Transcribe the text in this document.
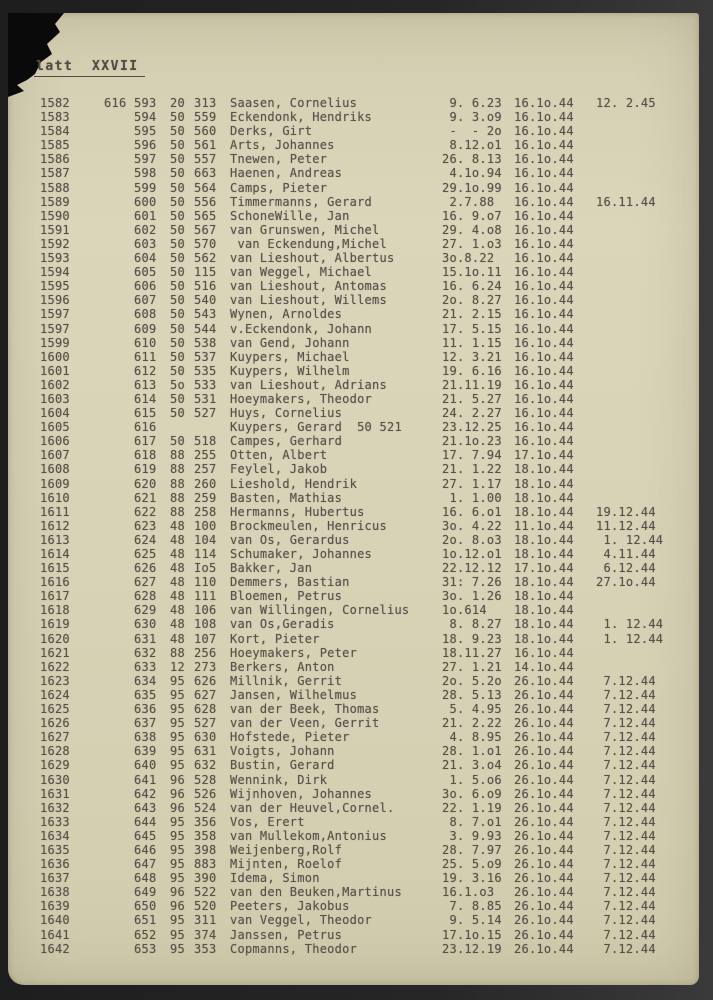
latt  XXVII
1582	616	593	20	313	Saasen, Cornelius	9. 6.23	16.1o.44	12. 2.45
1583		594	50	559	Eckendonk, Hendriks	9. 3.o9	16.1o.44	
1584		595	50	560	Derks, Girt	-  - 2o	16.1o.44	
1585		596	50	561	Arts, Johannes	8.12.o1	16.1o.44	
1586		597	50	557	Tnewen, Peter	26. 8.13	16.1o.44	
1587		598	50	663	Haenen, Andreas	4.1o.94	16.1o.44	
1588		599	50	564	Camps, Pieter	29.1o.99	16.1o.44	
1589		600	50	556	Timmermanns, Gerard	2.7.88	16.1o.44	16.11.44
1590		601	50	565	SchoneWille, Jan	16. 9.o7	16.1o.44	
1591		602	50	567	van Grunswen, Michel	29. 4.o8	16.1o.44	
1592		603	50	570	van Eckendung,Michel	27. 1.o3	16.1o.44	
1593		604	50	562	van Lieshout, Albertus	3o.8.22	16.1o.44	
1594		605	50	115	van Weggel, Michael	15.1o.11	16.1o.44	
1595		606	50	516	van Lieshout, Antomas	16. 6.24	16.1o.44	
1596		607	50	540	van Lieshout, Willems	2o. 8.27	16.1o.44	
1597		608	50	543	Wynen, Arnoldes	21. 2.15	16.1o.44	
1597		609	50	544	v.Eckendonk, Johann	17. 5.15	16.1o.44	
1599		610	50	538	van Gend, Johann	11. 1.15	16.1o.44	
1600		611	50	537	Kuypers, Michael	12. 3.21	16.1o.44	
1601		612	50	535	Kuypers, Wilhelm	19. 6.16	16.1o.44	
1602		613	5o	533	van Lieshout, Adrians	21.11.19	16.1o.44	
1603		614	50	531	Hoeymakers, Theodor	21. 5.27	16.1o.44	
1604		615	50	527	Huys, Cornelius	24. 2.27	16.1o.44	
1605		616			Kuypers, Gerard  50 521	23.12.25	16.1o.44	
1606		617	50	518	Campes, Gerhard	21.1o.23	16.1o.44	
1607		618	88	255	Otten, Albert	17. 7.94	17.1o.44	
1608		619	88	257	Feylel, Jakob	21. 1.22	18.1o.44	
1609		620	88	260	Lieshold, Hendrik	27. 1.17	18.1o.44	
1610		621	88	259	Basten, Mathias	1. 1.00	18.1o.44	
1611		622	88	258	Hermanns, Hubertus	16. 6.o1	18.1o.44	19.12.44
1612		623	48	100	Brockmeulen, Henricus	3o. 4.22	11.1o.44	11.12.44
1613		624	48	104	van Os, Gerardus	2o. 8.o3	18.1o.44	1. 12.44
1614		625	48	114	Schumaker, Johannes	1o.12.o1	18.1o.44	4.11.44
1615		626	48	Io5	Bakker, Jan	22.12.12	17.1o.44	6.12.44
1616		627	48	110	Demmers, Bastian	31: 7.26	18.1o.44	27.1o.44
1617		628	48	111	Bloemen, Petrus	3o. 1.26	18.1o.44	
1618		629	48	106	van Willingen, Cornelius	1o.614	18.1o.44	
1619		630	48	108	van Os,Geradis	8. 8.27	18.1o.44	1. 12.44
1620		631	48	107	Kort, Pieter	18. 9.23	18.1o.44	1. 12.44
1621		632	88	256	Hoeymakers, Peter	18.11.27	16.1o.44	
1622		633	12	273	Berkers, Anton	27. 1.21	14.1o.44	
1623		634	95	626	Millnik, Gerrit	2o. 5.2o	26.1o.44	7.12.44
1624		635	95	627	Jansen, Wilhelmus	28. 5.13	26.1o.44	7.12.44
1625		636	95	628	van der Beek, Thomas	5. 4.95	26.1o.44	7.12.44
1626		637	95	527	van der Veen, Gerrit	21. 2.22	26.1o.44	7.12.44
1627		638	95	630	Hofstede, Pieter	4. 8.95	26.1o.44	7.12.44
1628		639	95	631	Voigts, Johann	28. 1.o1	26.1o.44	7.12.44
1629		640	95	632	Bustin, Gerard	21. 3.o4	26.1o.44	7.12.44
1630		641	96	528	Wennink, Dirk	1. 5.o6	26.1o.44	7.12.44
1631		642	96	526	Wijnhoven, Johannes	3o. 6.o9	26.1o.44	7.12.44
1632		643	96	524	van der Heuvel,Cornel.	22. 1.19	26.1o.44	7.12.44
1633		644	95	356	Vos, Erert	8. 7.o1	26.1o.44	7.12.44
1634		645	95	358	van Mullekom,Antonius	3. 9.93	26.1o.44	7.12.44
1635		646	95	398	Weijenberg,Rolf	28. 7.97	26.1o.44	7.12.44
1636		647	95	883	Mijnten, Roelof	25. 5.o9	26.1o.44	7.12.44
1637		648	95	390	Idema, Simon	19. 3.16	26.1o.44	7.12.44
1638		649	96	522	van den Beuken,Martinus	16.1.o3	26.1o.44	7.12.44
1639		650	96	520	Peeters, Jakobus	7. 8.85	26.1o.44	7.12.44
1640		651	95	311	van Veggel, Theodor	9. 5.14	26.1o.44	7.12.44
1641		652	95	374	Janssen, Petrus	17.1o.15	26.1o.44	7.12.44
1642		653	95	353	Copmanns, Theodor	23.12.19	26.1o.44	7.12.44
